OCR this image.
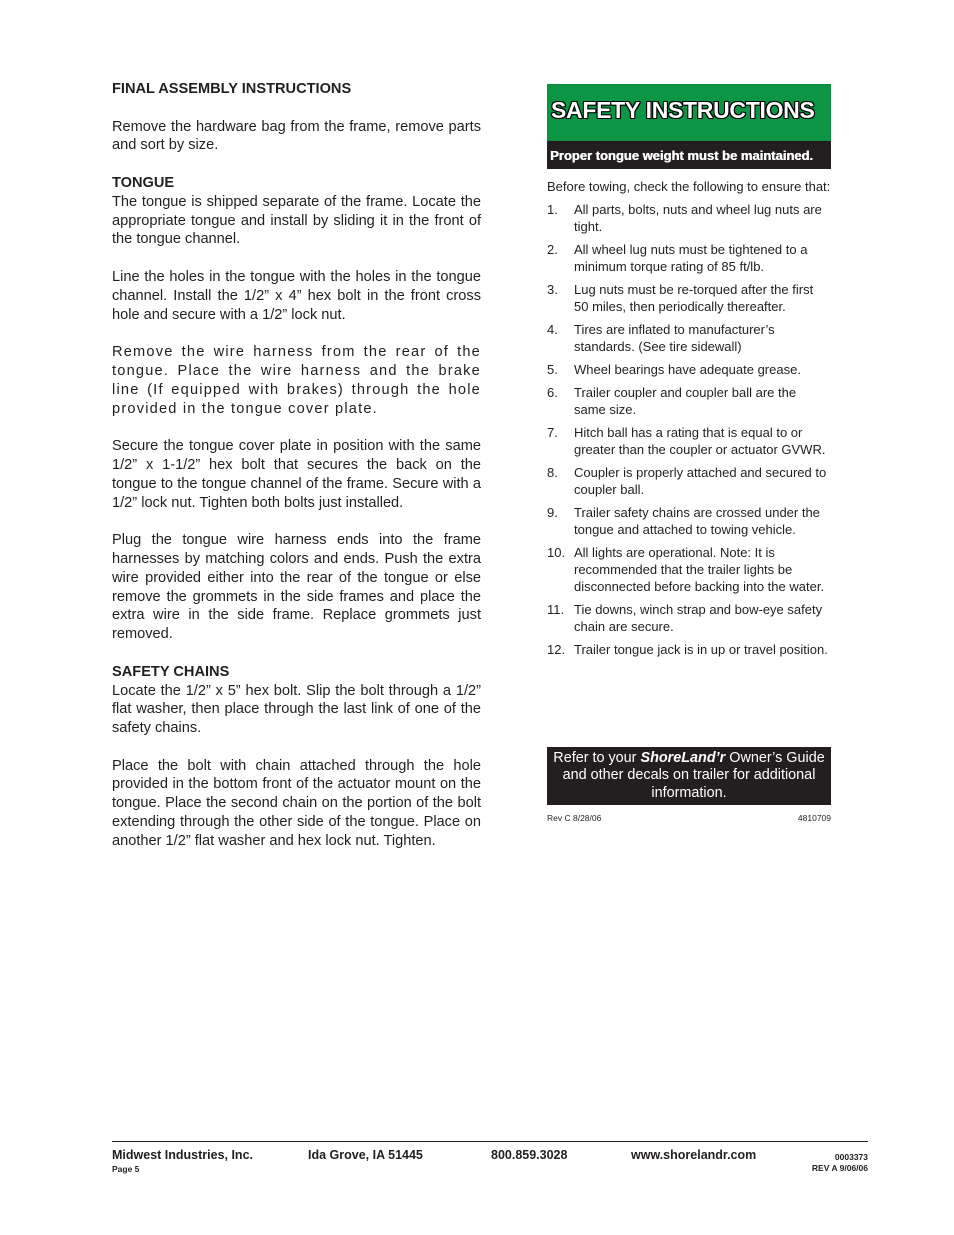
FINAL ASSEMBLY INSTRUCTIONS

Remove the hardware bag from the frame, remove parts and sort by size.

TONGUE

The tongue is shipped separate of the frame. Locate the appropriate tongue and install by sliding it in the front of the tongue channel.

Line the holes in the tongue with the holes in the tongue channel. Install the 1/2” x 4” hex bolt in the front cross hole and secure with a 1/2” lock nut.

Remove the wire harness from the rear of the tongue. Place the wire harness and the brake line (If equipped with brakes) through the hole provided in the tongue cover plate.

Secure the tongue cover plate in position with the same 1/2” x 1-1/2” hex bolt that secures the back on the tongue to the tongue channel of the frame. Secure with a 1/2” lock nut. Tighten both bolts just installed.

Plug the tongue wire harness ends into the frame harnesses by matching colors and ends. Push the extra wire provided either into the rear of the tongue or else remove the grommets in the side frames and place the extra wire in the side frame. Replace grommets just removed.

SAFETY CHAINS

Locate the 1/2” x 5” hex bolt. Slip the bolt through a 1/2” flat washer, then place through the last link of one of the safety chains.

Place the bolt with chain attached through the hole provided in the bottom front of the actuator mount on the tongue. Place the second chain on the portion of the bolt extending through the other side of the tongue. Place on another 1/2” flat washer and hex lock nut. Tighten.

SAFETY INSTRUCTIONS
Proper tongue weight must be maintained.
Before towing, check the following to ensure that:
1.	All parts, bolts, nuts and wheel lug nuts are tight.
2.	All wheel lug nuts must be tightened to a minimum torque rating of 85 ft/lb.
3.	Lug nuts must be re-torqued after the first 50 miles, then periodically thereafter.
4.	Tires are inflated to manufacturer’s standards. (See tire sidewall)
5.	Wheel bearings have adequate grease.
6.	Trailer coupler and coupler ball are the same size.
7.	Hitch ball has a rating that is equal to or greater than the coupler or actuator GVWR.
8.	Coupler is properly attached and secured to coupler ball.
9.	Trailer safety chains are crossed under the tongue and attached to towing vehicle.
10. All lights are operational. Note: It is recommended that the trailer lights be disconnected before backing into the water.
11. Tie downs, winch strap and bow-eye safety chain are secure.
12. Trailer tongue jack is in up or travel position.
Refer to your ShoreLand’r Owner’s Guide and other decals on trailer for additional information.
Rev C 8/28/06	4810709
Midwest Industries, Inc.	Ida Grove, IA 51445	800.859.3028	www.shorelandr.com
Page 5
0003373
REV A 9/06/06
